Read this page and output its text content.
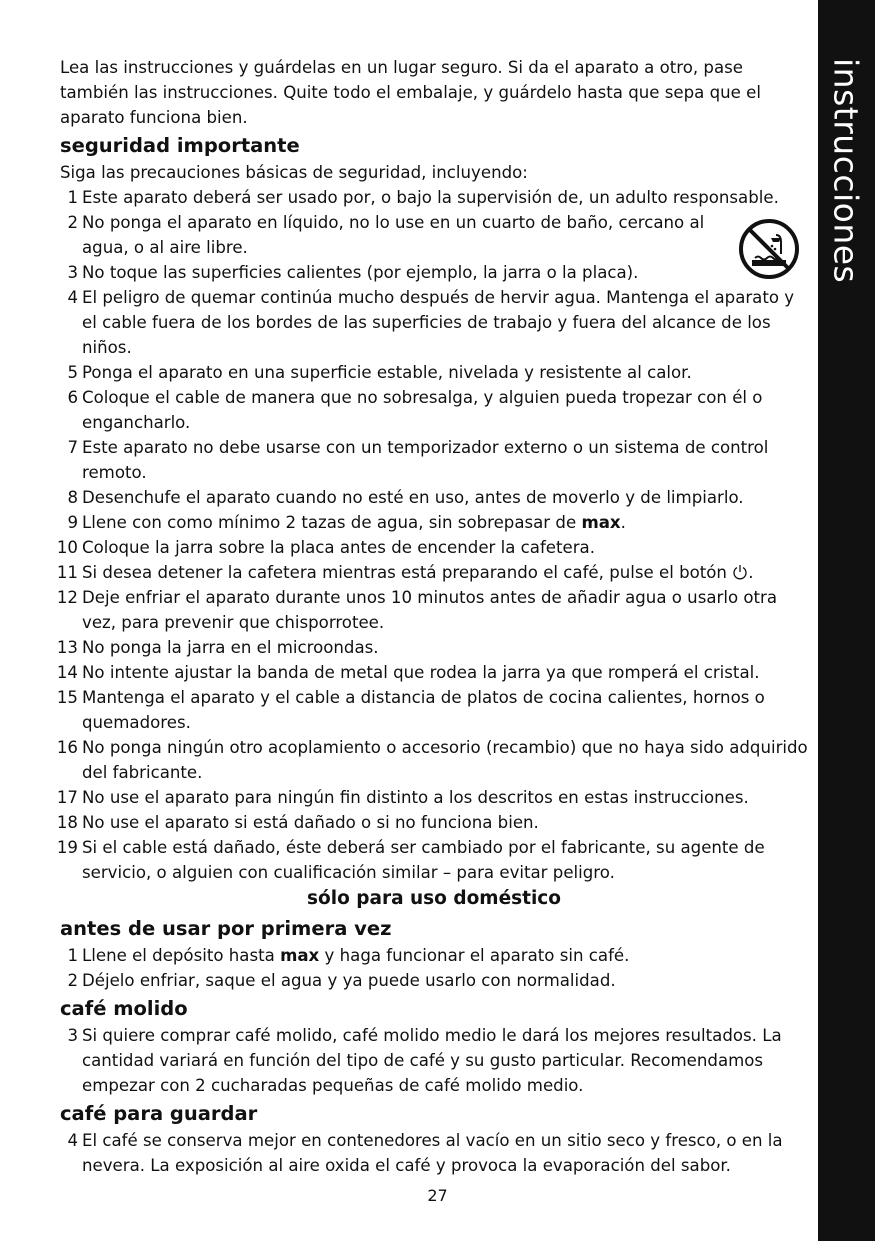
instrucciones

Lea las instrucciones y guárdelas en un lugar seguro. Si da el aparato a otro, pase también las instrucciones. Quite todo el embalaje, y guárdelo hasta que sepa que el aparato funciona bien.

seguridad importante

Siga las precauciones básicas de seguridad, incluyendo:

1 Este aparato deberá ser usado por, o bajo la supervisión de, un adulto responsable.
2 No ponga el aparato en líquido, no lo use en un cuarto de baño, cercano al agua, o al aire libre.
3 No toque las superficies calientes (por ejemplo, la jarra o la placa).
4 El peligro de quemar continúa mucho después de hervir agua. Mantenga el aparato y el cable fuera de los bordes de las superficies de trabajo y fuera del alcance de los niños.
5 Ponga el aparato en una superficie estable, nivelada y resistente al calor.
6 Coloque el cable de manera que no sobresalga, y alguien pueda tropezar con él o engancharlo.
7 Este aparato no debe usarse con un temporizador externo o un sistema de control remoto.
8 Desenchufe el aparato cuando no esté en uso, antes de moverlo y de limpiarlo.
9 Llene con como mínimo 2 tazas de agua, sin sobrepasar de max.
10 Coloque la jarra sobre la placa antes de encender la cafetera.
11 Si desea detener la cafetera mientras está preparando el café, pulse el botón .
12 Deje enfriar el aparato durante unos 10 minutos antes de añadir agua o usarlo otra vez, para prevenir que chisporrotee.
13 No ponga la jarra en el microondas.
14 No intente ajustar la banda de metal que rodea la jarra ya que romperá el cristal.
15 Mantenga el aparato y el cable a distancia de platos de cocina calientes, hornos o quemadores.
16 No ponga ningún otro acoplamiento o accesorio (recambio) que no haya sido adquirido del fabricante.
17 No use el aparato para ningún fin distinto a los descritos en estas instrucciones.
18 No use el aparato si está dañado o si no funciona bien.
19 Si el cable está dañado, éste deberá ser cambiado por el fabricante, su agente de servicio, o alguien con cualificación similar – para evitar peligro.

sólo para uso doméstico

antes de usar por primera vez
1 Llene el depósito hasta max y haga funcionar el aparato sin café.
2 Déjelo enfriar, saque el agua y ya puede usarlo con normalidad.
café molido
3 Si quiere comprar café molido, café molido medio le dará los mejores resultados. La cantidad variará en función del tipo de café y su gusto particular. Recomendamos empezar con 2 cucharadas pequeñas de café molido medio.
café para guardar
4 El café se conserva mejor en contenedores al vacío en un sitio seco y fresco, o en la nevera. La exposición al aire oxida el café y provoca la evaporación del sabor.
27
